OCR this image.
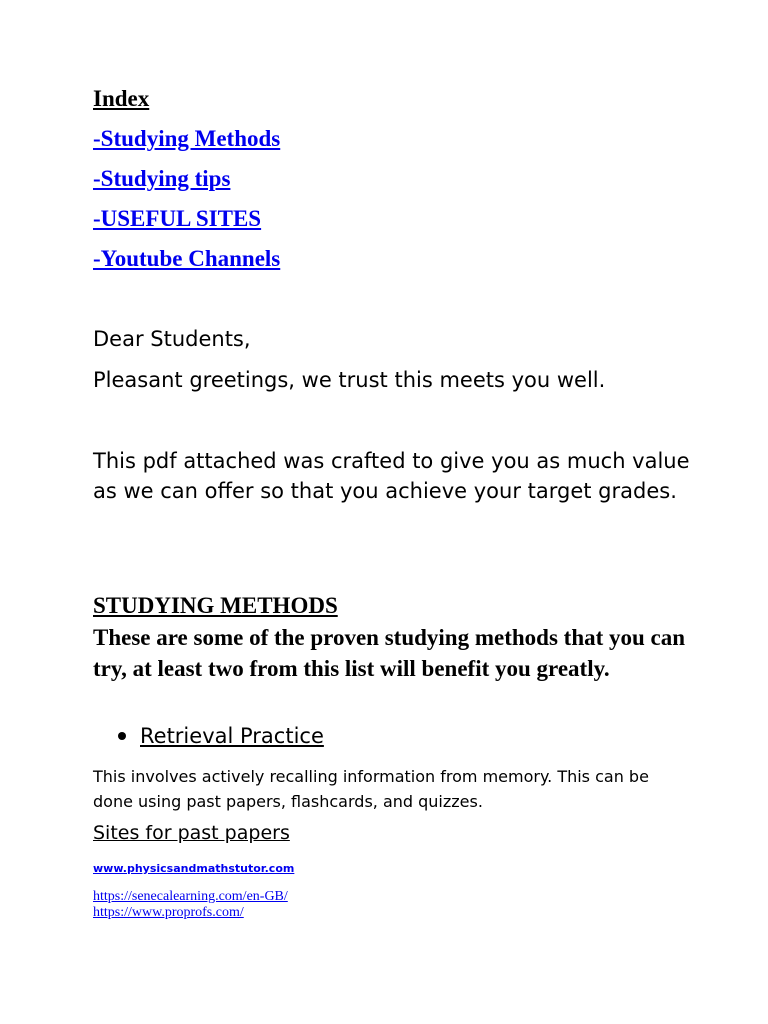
Index

-Studying Methods
-Studying tips
-USEFUL SITES
-Youtube Channels

Dear Students,

Pleasant greetings, we trust this meets you well.

This pdf attached was crafted to give you as much value as we can offer so that you achieve your target grades.

STUDYING METHODS

These are some of the proven studying methods that you can try, at least two from this list will benefit you greatly.

Retrieval Practice

This involves actively recalling information from memory. This can be done using past papers, flashcards, and quizzes.

Sites for past papers

www.physicsandmathstutor.com
https://senecalearning.com/en-GB/
https://www.proprofs.com/
